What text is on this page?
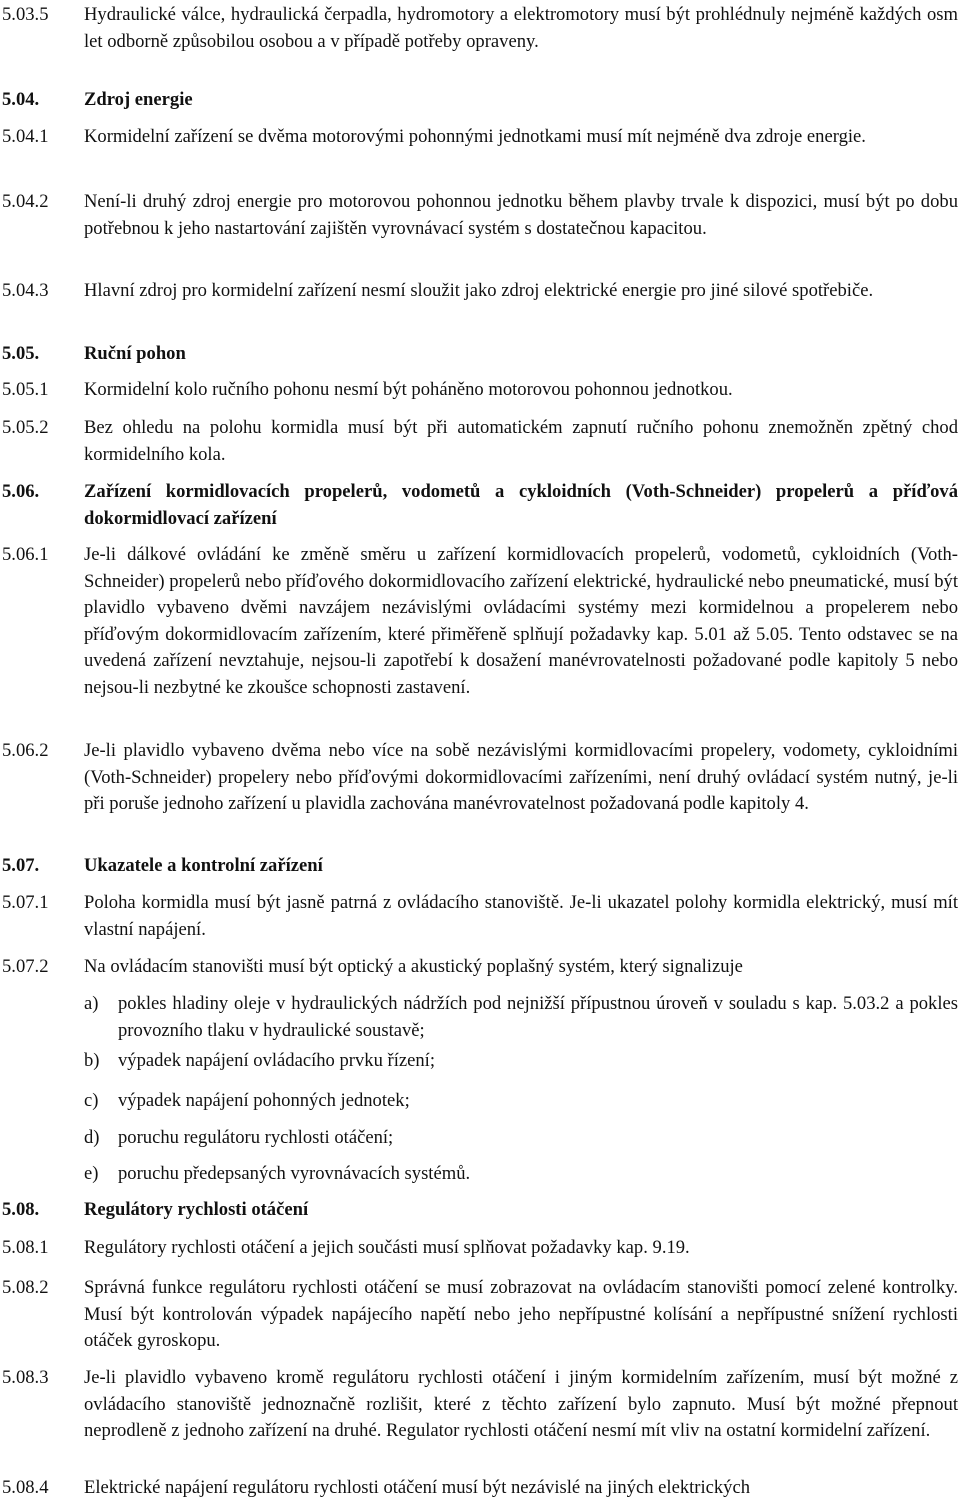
5.03.5 Hydraulické válce, hydraulická čerpadla, hydromotory a elektromotory musí být prohlédnuly nejméně každých osm let odborně způsobilou osobou a v případě potřeby opraveny.
5.04. Zdroj energie
5.04.1 Kormidelní zařízení se dvěma motorovými pohonnými jednotkami musí mít nejméně dva zdroje energie.
5.04.2 Není-li druhý zdroj energie pro motorovou pohonnou jednotku během plavby trvale k dispozici, musí být po dobu potřebnou k jeho nastartování zajištěn vyrovnávací systém s dostatečnou kapacitou.
5.04.3 Hlavní zdroj pro kormidelní zařízení nesmí sloužit jako zdroj elektrické energie pro jiné silové spotřebiče.
5.05. Ruční pohon
5.05.1 Kormidelní kolo ručního pohonu nesmí být poháněno motorovou pohonnou jednotkou.
5.05.2 Bez ohledu na polohu kormidla musí být při automatickém zapnutí ručního pohonu znemožněn zpětný chod kormidelního kola.
5.06. Zařízení kormidlovacích propelerů, vodometů a cykloidních (Voth-Schneider) propelerů a příďová dokormidlovací zařízení
5.06.1 Je-li dálkové ovládání ke změně směru u zařízení kormidlovacích propelerů, vodometů, cykloidních (Voth-Schneider) propelerů nebo příďového dokormidlovacího zařízení elektrické, hydraulické nebo pneumatické, musí být plavidlo vybaveno dvěmi navzájem nezávislými ovládacími systémy mezi kormidelnou a propelerem nebo příďovým dokormidlovacím zařízením, které přiměřeně splňují požadavky kap. 5.01 až 5.05. Tento odstavec se na uvedená zařízení nevztahuje, nejsou-li zapotřebí k dosažení manévrovatelnosti požadované podle kapitoly 5 nebo nejsou-li nezbytné ke zkoušce schopnosti zastavení.
5.06.2 Je-li plavidlo vybaveno dvěma nebo více na sobě nezávislými kormidlovacími propelery, vodomety, cykloidními (Voth-Schneider) propelery nebo příďovými dokormidlovacími zařízeními, není druhý ovládací systém nutný, je-li při poruše jednoho zařízení u plavidla zachována manévrovatelnost požadovaná podle kapitoly 4.
5.07. Ukazatele a kontrolní zařízení
5.07.1 Poloha kormidla musí být jasně patrná z ovládacího stanoviště. Je-li ukazatel polohy kormidla elektrický, musí mít vlastní napájení.
5.07.2 Na ovládacím stanovišti musí být optický a akustický poplašný systém, který signalizuje
a) pokles hladiny oleje v hydraulických nádržích pod nejnižší přípustnou úroveň v souladu s kap. 5.03.2 a pokles provozního tlaku v hydraulické soustavě;
b) výpadek napájení ovládacího prvku řízení;
c) výpadek napájení pohonných jednotek;
d) poruchu regulátoru rychlosti otáčení;
e) poruchu předepsaných vyrovnávacích systémů.
5.08. Regulátory rychlosti otáčení
5.08.1 Regulátory rychlosti otáčení a jejich součásti musí splňovat požadavky kap. 9.19.
5.08.2 Správná funkce regulátoru rychlosti otáčení se musí zobrazovat na ovládacím stanovišti pomocí zelené kontrolky. Musí být kontrolován výpadek napájecího napětí nebo jeho nepřípustné kolísání a nepřípustné snížení rychlosti otáček gyroskopu.
5.08.3 Je-li plavidlo vybaveno kromě regulátoru rychlosti otáčení i jiným kormidelním zařízením, musí být možné z ovládacího stanoviště jednoznačně rozlišit, které z těchto zařízení bylo zapnuto. Musí být možné přepnout neprodleně z jednoho zařízení na druhé. Regulator rychlosti otáčení nesmí mít vliv na ostatní kormidelní zařízení.
5.08.4 Elektrické napájení regulátoru rychlosti otáčení musí být nezávislé na jiných elektrických
